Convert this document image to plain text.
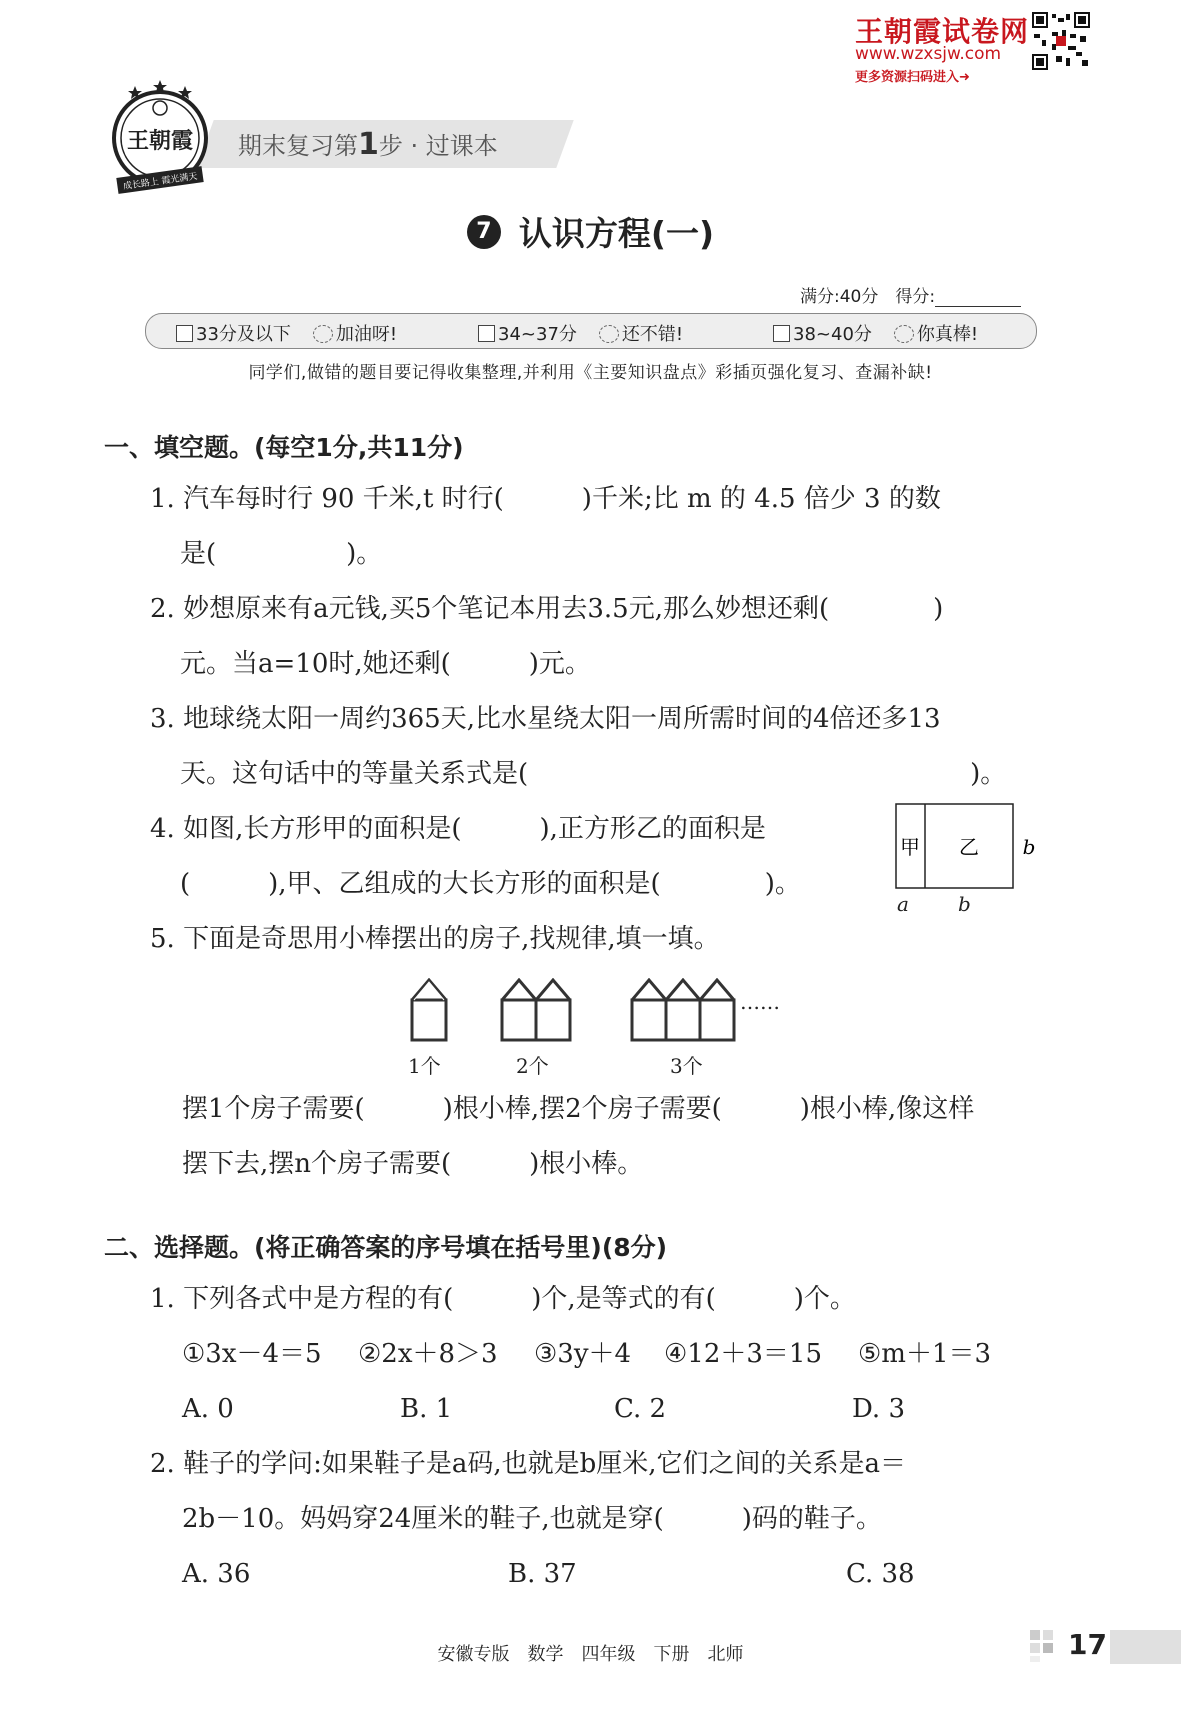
王朝霞试卷网
www.wzxsjw.com
更多资源扫码进入➜
期末复习第1步 · 过课本
王朝霞
成长路上 霞光满天
7 认识方程(一)
满分:40分　 得分:
33分及以下	加油呀!	34~37分	还不错!	38~40分	你真棒!
同学们,做错的题目要记得收集整理,并利用《主要知识盘点》彩插页强化复习、查漏补缺!
一、填空题。(每空1分,共11分)
1. 汽车每时行 90 千米,t 时行(　　　)千米;比 m 的 4.5 倍少 3 的数
是(　　　　　)。
2. 妙想原来有a元钱,买5个笔记本用去3.5元,那么妙想还剩(　　　　)
元。当a=10时,她还剩(　　　)元。
3. 地球绕太阳一周约365天,比水星绕太阳一周所需时间的4倍还多13
天。这句话中的等量关系式是(　　　　　　　　　　　　　　　　　)。
4. 如图,长方形甲的面积是(　　　),正方形乙的面积是
(　　　),甲、乙组成的大长方形的面积是(　　　　)。
甲 乙 b
a b
5. 下面是奇思用小棒摆出的房子,找规律,填一填。
……
1个	2个	3个
摆1个房子需要(　　　)根小棒,摆2个房子需要(　　　)根小棒,像这样
摆下去,摆n个房子需要(　　　)根小棒。
二、选择题。(将正确答案的序号填在括号里)(8分)
1. 下列各式中是方程的有(　　　)个,是等式的有(　　　)个。
①3x－4＝5 ②2x＋8＞3 ③3y＋4 ④12＋3＝15 ⑤m＋1＝3
A. 0	B. 1	C. 2	D. 3
2. 鞋子的学问:如果鞋子是a码,也就是b厘米,它们之间的关系是a＝
2b－10。妈妈穿24厘米的鞋子,也就是穿(　　　)码的鞋子。
A. 36	B. 37	C. 38
安徽专版　数学　四年级　下册　北师	17
